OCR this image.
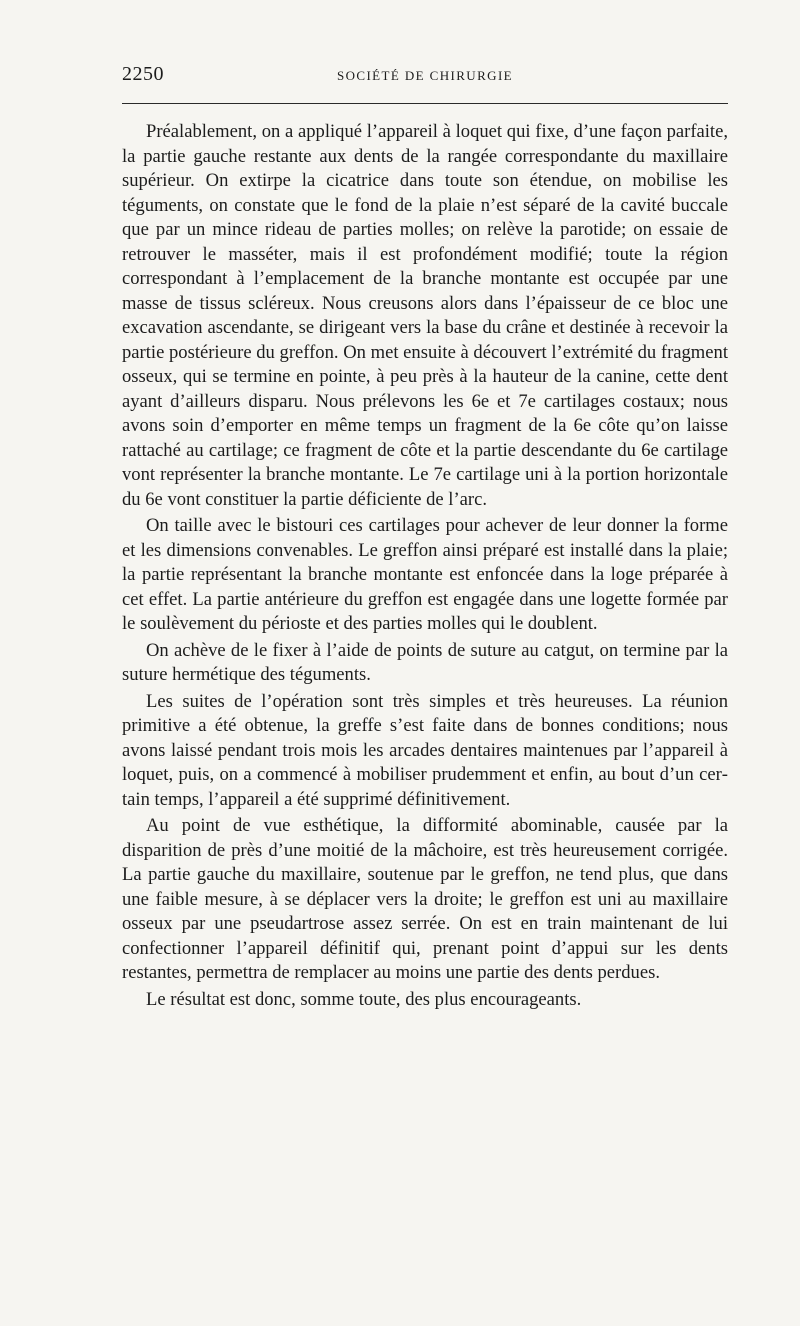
2250	SOCIÉTÉ DE CHIRURGIE

Préalablement, on a appliqué l’appareil à loquet qui fixe, d’une façon parfaite, la partie gauche restante aux dents de la rangée correspondante du maxillaire supérieur. On extirpe la cicatrice dans toute son étendue, on mobilise les téguments, on constate que le fond de la plaie n’est séparé de la cavité buccale que par un mince rideau de parties molles; on relève la parotide; on essaie de retrouver le masséter, mais il est profondément modifié; toute la région correspondant à l’emplacement de la branche montante est occupée par une masse de tissus scléreux. Nous creusons alors dans l’épaisseur de ce bloc une excavation ascendante, se dirigeant vers la base du crâne et destinée à recevoir la partie postérieure du greffon. On met ensuite à découvert l’extrémité du fragment osseux, qui se termine en pointe, à peu près à la hauteur de la canine, cette dent ayant d’ailleurs disparu. Nous prélevons les 6e et 7e cartilages costaux; nous avons soin d’emporter en même temps un fragment de la 6e côte qu’on laisse rattaché au cartilage; ce fragment de côte et la partie descendante du 6e cartilage vont représenter la branche montante. Le 7e cartilage uni à la portion horizontale du 6e vont constituer la partie déficiente de l’arc.

On taille avec le bistouri ces cartilages pour achever de leur donner la forme et les dimensions convenables. Le greffon ainsi préparé est installé dans la plaie; la partie représentant la branche montante est enfoncée dans la loge préparée à cet effet. La partie antérieure du greffon est engagée dans une logette formée par le soulèvement du périoste et des parties molles qui le doublent.

On achève de le fixer à l’aide de points de suture au catgut, on termine par la suture hermétique des téguments.

Les suites de l’opération sont très simples et très heureuses. La réunion primitive a été obtenue, la greffe s’est faite dans de bonnes conditions; nous avons laissé pendant trois mois les arcades dentaires maintenues par l’appareil à loquet, puis, on a commencé à mobiliser prudemment et enfin, au bout d’un certain temps, l’appareil a été supprimé définitivement.

Au point de vue esthétique, la difformité abominable, causée par la disparition de près d’une moitié de la mâchoire, est très heureusement corrigée. La partie gauche du maxillaire, soutenue par le greffon, ne tend plus, que dans une faible mesure, à se déplacer vers la droite; le greffon est uni au maxillaire osseux par une pseudartrose assez serrée. On est en train maintenant de lui confectionner l’appareil définitif qui, prenant point d’appui sur les dents restantes, permettra de remplacer au moins une partie des dents perdues.

Le résultat est donc, somme toute, des plus encourageants.
